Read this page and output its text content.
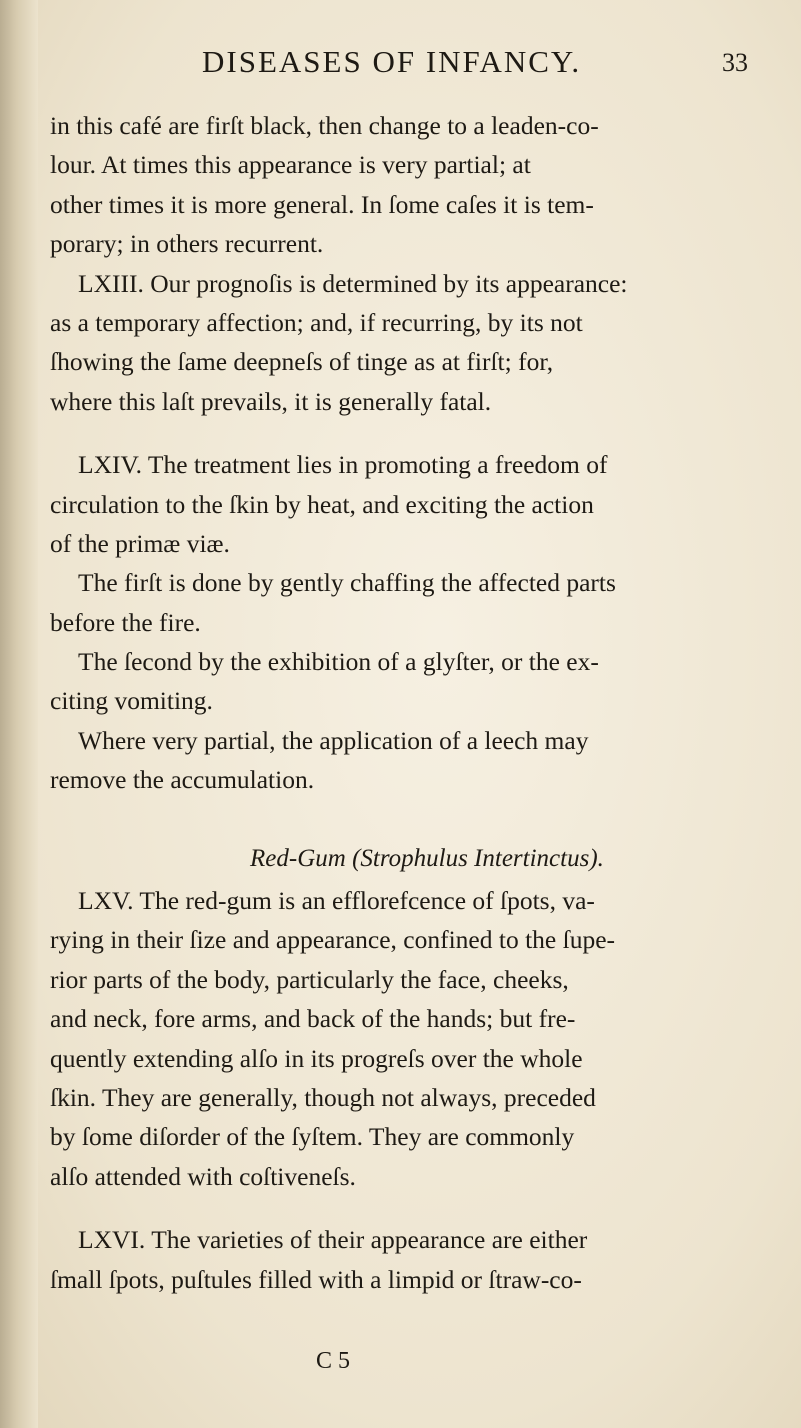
DISEASES OF INFANCY.	33
in this café are firſt black, then change to a leaden-co-
lour. At times this appearance is very partial; at
other times it is more general. In ſome caſes it is tem-
porary; in others recurrent.
LXIII. Our prognoſis is determined by its appearance:
as a temporary affection; and, if recurring, by its not
ſhowing the ſame deepneſs of tinge as at firſt; for,
where this laſt prevails, it is generally fatal.
LXIV. The treatment lies in promoting a freedom of
circulation to the ſkin by heat, and exciting the action
of the primæ viæ.
The firſt is done by gently chaffing the affected parts
before the fire.
The ſecond by the exhibition of a glyſter, or the ex-
citing vomiting.
Where very partial, the application of a leech may
remove the accumulation.
Red-Gum (Strophulus Intertinctus).
LXV. The red-gum is an efflorefcence of ſpots, va-
rying in their ſize and appearance, confined to the ſupe-
rior parts of the body, particularly the face, cheeks,
and neck, fore arms, and back of the hands; but fre-
quently extending alſo in its progreſs over the whole
ſkin. They are generally, though not always, preceded
by ſome diſorder of the ſyſtem. They are commonly
alſo attended with coſtiveneſs.
LXVI. The varieties of their appearance are either
ſmall ſpots, puſtules filled with a limpid or ſtraw-co-
C 5
